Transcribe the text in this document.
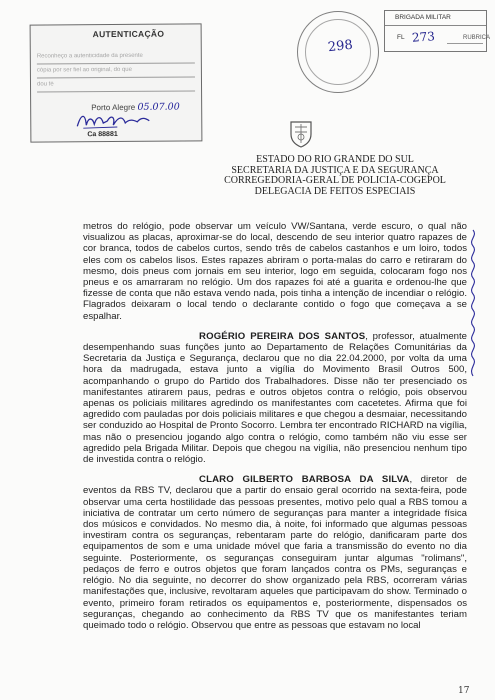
AUTENTICAÇÃO
Reconheço a autenticidade da presente
cópia por ser fiel ao original, do que
dou fé
Porto Alegre 05.07.00
Ca 88881
298
BRIGADA MILITAR
FL 273	RUBRICA
ESTADO DO RIO GRANDE DO SUL
SECRETARIA DA JUSTIÇA E DA SEGURANÇA
CORREGEDORIA-GERAL DE POLICIA-COGEPOL
DELEGACIA DE FEITOS ESPECIAIS

metros do relógio, pode observar um veículo VW/Santana, verde escuro, o qual não visualizou as placas, aproximar-se do local, descendo de seu interior quatro rapazes de cor branca, todos de cabelos curtos, sendo três de cabelos castanhos e um loiro, todos eles com os cabelos lisos. Estes rapazes abriram o porta-malas do carro e retiraram do mesmo, dois pneus com jornais em seu interior, logo em seguida, colocaram fogo nos pneus e os amarraram no relógio. Um dos rapazes foi até a guarita e ordenou-lhe que fizesse de conta que não estava vendo nada, pois tinha a intenção de incendiar o relógio. Flagrados deixaram o local tendo o declarante contido o fogo que começava a se espalhar.

ROGÉRIO PEREIRA DOS SANTOS, professor, atualmente desempenhando suas funções junto ao Departamento de Relações Comunitárias da Secretaria da Justiça e Segurança, declarou que no dia 22.04.2000, por volta da uma hora da madrugada, estava junto a vigília do Movimento Brasil Outros 500, acompanhando o grupo do Partido dos Trabalhadores. Disse não ter presenciado os manifestantes atirarem paus, pedras e outros objetos contra o relógio, pois observou apenas os policiais militares agredindo os manifestantes com cacetetes. Afirma que foi agredido com pauladas por dois policiais militares e que chegou a desmaiar, necessitando ser conduzido ao Hospital de Pronto Socorro. Lembra ter encontrado RICHARD na vigília, mas não o presenciou jogando algo contra o relógio, como também não viu esse ser agredido pela Brigada Militar. Depois que chegou na vigília, não presenciou nenhum tipo de investida contra o relógio.

CLARO GILBERTO BARBOSA DA SILVA, diretor de eventos da RBS TV, declarou que a partir do ensaio geral ocorrido na sexta-feira, pode observar uma certa hostilidade das pessoas presentes, motivo pelo qual a RBS tomou a iniciativa de contratar um certo número de seguranças para manter a integridade física dos músicos e convidados. No mesmo dia, à noite, foi informado que algumas pessoas investiram contra os seguranças, rebentaram parte do relógio, danificaram parte dos equipamentos de som e uma unidade móvel que faria a transmissão do evento no dia seguinte. Posteriormente, os seguranças conseguiram juntar algumas "rolimans", pedaços de ferro e outros objetos que foram lançados contra os PMs, seguranças e relógio. No dia seguinte, no decorrer do show organizado pela RBS, ocorreram várias manifestações que, inclusive, revoltaram aqueles que participavam do show. Terminado o evento, primeiro foram retirados os equipamentos e, posteriormente, dispensados os seguranças, chegando ao conhecimento da RBS TV que os manifestantes teriam queimado todo o relógio. Observou que entre as pessoas que estavam no local

17
